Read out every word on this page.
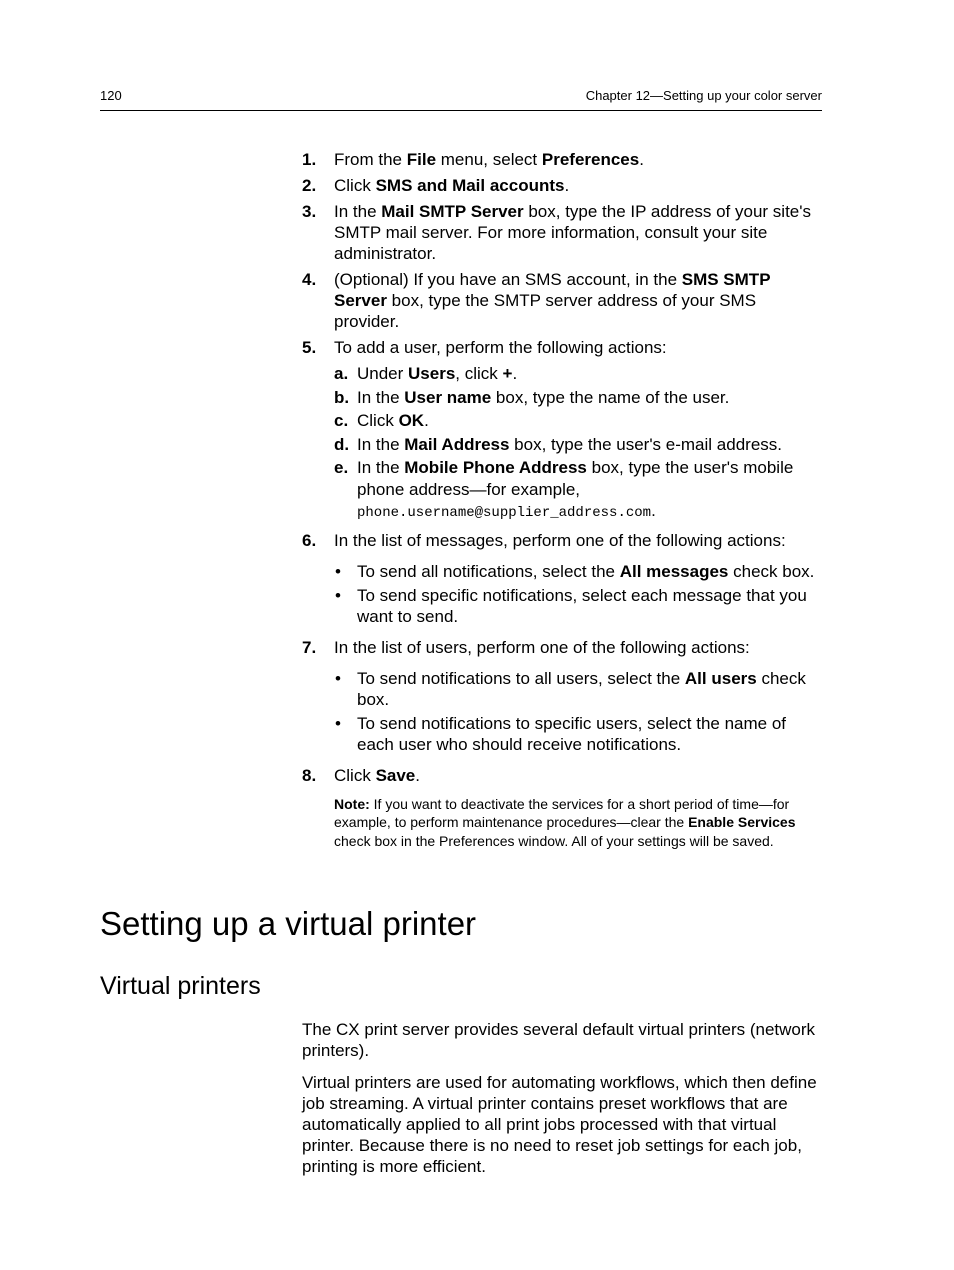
120	Chapter 12—Setting up your color server
1. From the File menu, select Preferences.
2. Click SMS and Mail accounts.
3. In the Mail SMTP Server box, type the IP address of your site's SMTP mail server. For more information, consult your site administrator.
4. (Optional) If you have an SMS account, in the SMS SMTP Server box, type the SMTP server address of your SMS provider.
5. To add a user, perform the following actions:
a. Under Users, click +.
b. In the User name box, type the name of the user.
c. Click OK.
d. In the Mail Address box, type the user's e-mail address.
e. In the Mobile Phone Address box, type the user's mobile phone address—for example,
phone.username@supplier_address.com.
6. In the list of messages, perform one of the following actions:
• To send all notifications, select the All messages check box.
• To send specific notifications, select each message that you want to send.
7. In the list of users, perform one of the following actions:
• To send notifications to all users, select the All users check box.
• To send notifications to specific users, select the name of each user who should receive notifications.
8. Click Save.
Note: If you want to deactivate the services for a short period of time—for example, to perform maintenance procedures—clear the Enable Services check box in the Preferences window. All of your settings will be saved.
Setting up a virtual printer
Virtual printers

The CX print server provides several default virtual printers (network printers).

Virtual printers are used for automating workflows, which then define job streaming. A virtual printer contains preset workflows that are automatically applied to all print jobs processed with that virtual printer. Because there is no need to reset job settings for each job, printing is more efficient.
